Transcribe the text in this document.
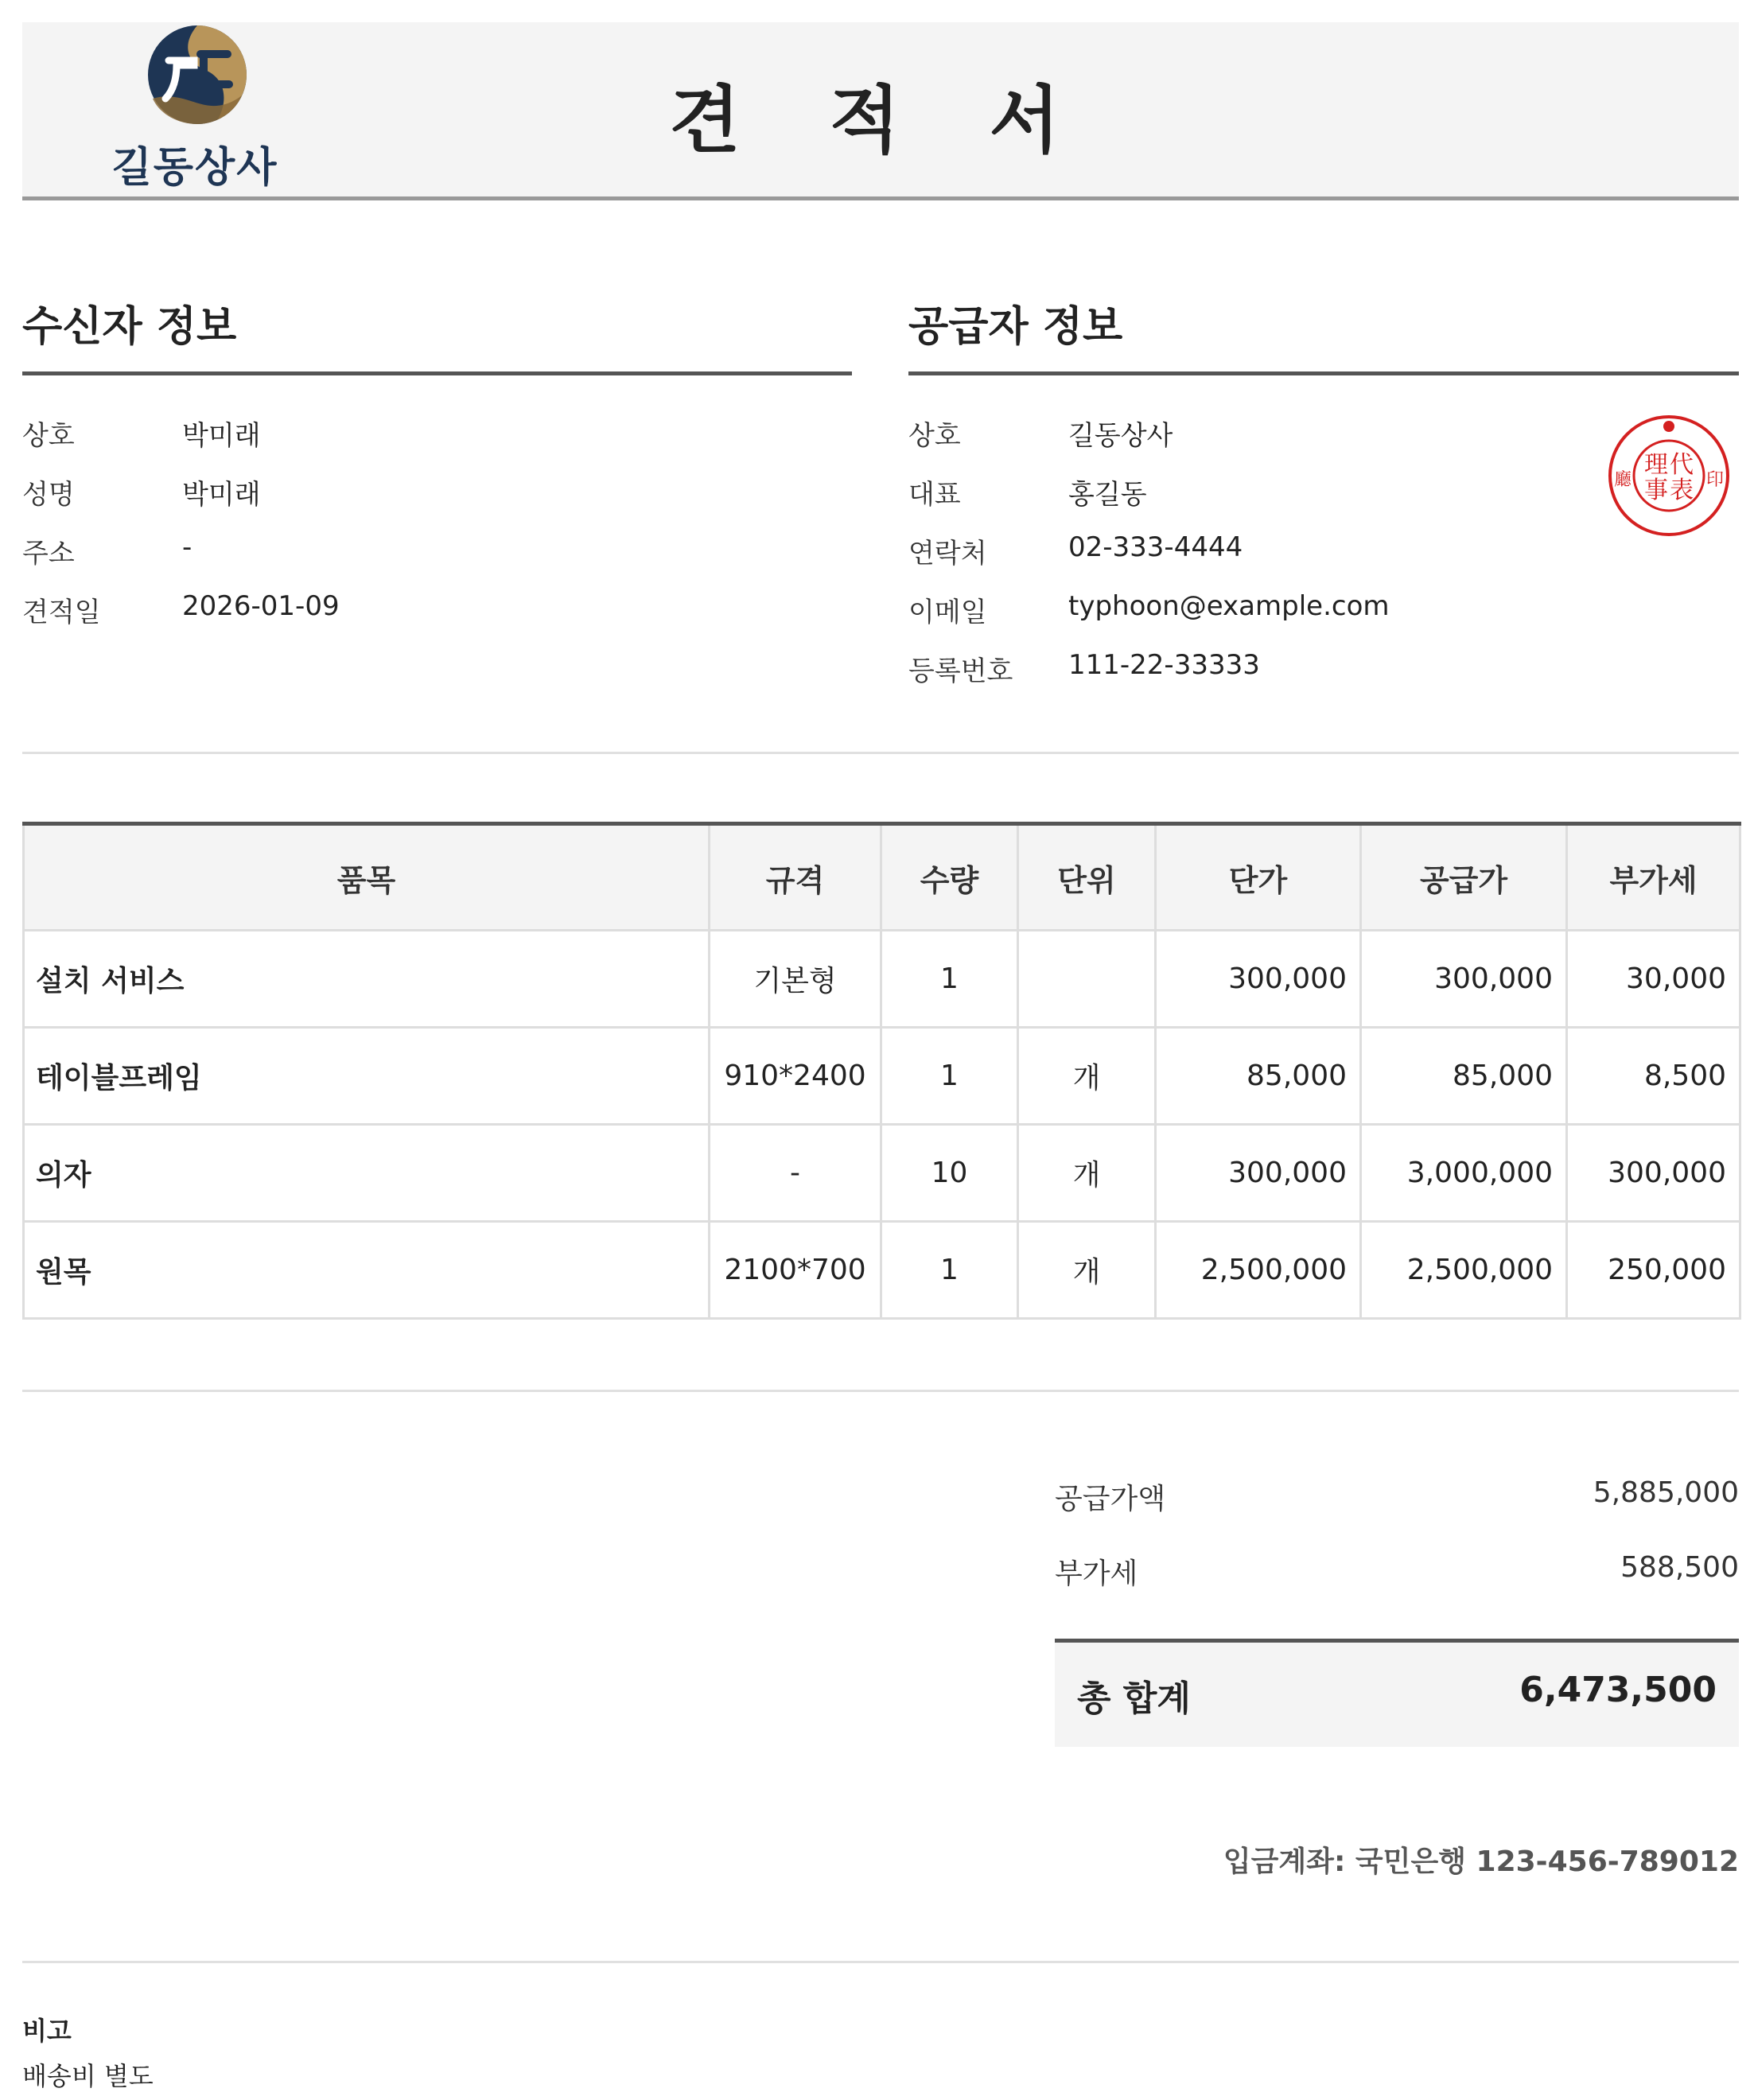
길동상사
견 적 서
수신자 정보
상호	박미래
성명	박미래
주소	-
견적일	2026-01-09
공급자 정보
상호	길동상사
대표	홍길동
연락처	02-333-4444
이메일	typhoon@example.com
등록번호 111-22-33333
理 代
事 表
廳	印
품목	규격	수량	단위	단가	공급가	부가세
설치 서비스	기본형	1		300,000	300,000	30,000
테이블프레임	910*2400	1	개	85,000	85,000	8,500
의자	-	10	개	300,000	3,000,000	300,000
원목	2100*700	1	개	2,500,000	2,500,000	250,000
공급가액	5,885,000
부가세	588,500
총 합계	6,473,500
입금계좌: 국민은행 123-456-789012
비고
배송비 별도
